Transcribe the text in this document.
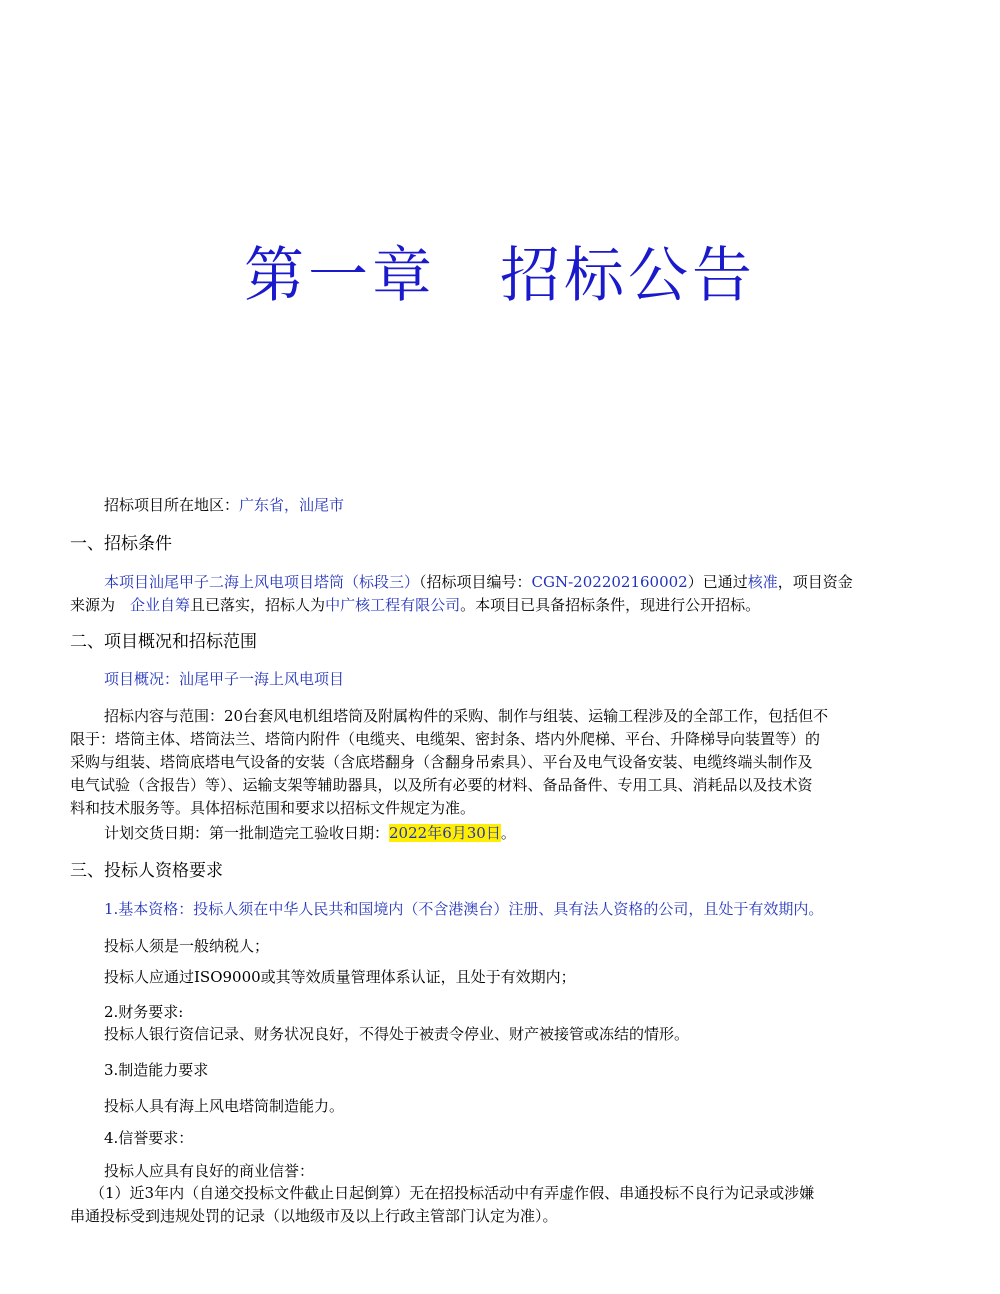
第一章　招标公告
招标项目所在地区：广东省，汕尾市
一、招标条件
本项目汕尾甲子二海上风电项目塔筒（标段三）（招标项目编号：CGN-202202160002）已通过核准，项目资金
来源为　 企业自筹且已落实，招标人为中广核工程有限公司。本项目已具备招标条件，现进行公开招标。
二、项目概况和招标范围
项目概况：汕尾甲子一海上风电项目
招标内容与范围：20台套风电机组塔筒及附属构件的采购、制作与组装、运输工程涉及的全部工作，包括但不
限于：塔筒主体、塔筒法兰、塔筒内附件（电缆夹、电缆架、密封条、塔内外爬梯、平台、升降梯导向装置等）的
采购与组装、塔筒底塔电气设备的安装（含底塔翻身（含翻身吊索具）、平台及电气设备安装、电缆终端头制作及
电气试验（含报告）等）、运输支架等辅助器具，以及所有必要的材料、备品备件、专用工具、消耗品以及技术资
料和技术服务等。具体招标范围和要求以招标文件规定为准。
计划交货日期：第一批制造完工验收日期：2022年6月30日。
三、投标人资格要求
1.基本资格：投标人须在中华人民共和国境内（不含港澳台）注册、具有法人资格的公司，且处于有效期内。
投标人须是一般纳税人；
投标人应通过ISO9000或其等效质量管理体系认证，且处于有效期内；
2.财务要求:
投标人银行资信记录、财务状况良好，不得处于被责令停业、财产被接管或冻结的情形。
3.制造能力要求
投标人具有海上风电塔筒制造能力。
4.信誉要求：
投标人应具有良好的商业信誉：
（1）近3年内（自递交投标文件截止日起倒算）无在招投标活动中有弄虚作假、串通投标不良行为记录或涉嫌
串通投标受到违规处罚的记录（以地级市及以上行政主管部门认定为准）。
